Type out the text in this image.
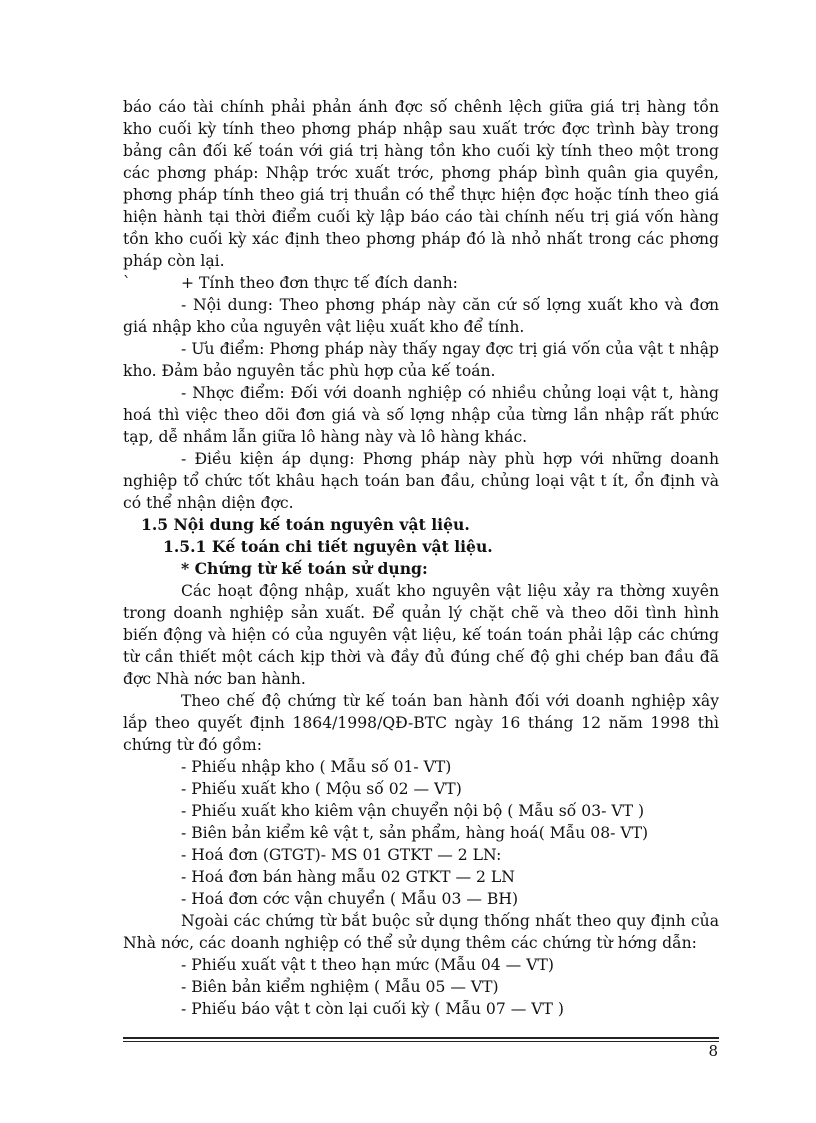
báo cáo tài chính phải phản ánh đợc số chênh lệch giữa giá trị hàng tồn kho cuối kỳ tính theo phơng pháp nhập sau xuất trớc đợc trình bày trong bảng cân đối kế toán với giá trị hàng tồn kho cuối kỳ tính theo một trong các phơng pháp: Nhập trớc xuất trớc, phơng pháp bình quân gia quyền, phơng pháp tính theo giá trị thuần có thể thực hiện đợc hoặc tính theo giá hiện hành tại thời điểm cuối kỳ lập báo cáo tài chính nếu trị giá vốn hàng tồn kho cuối kỳ xác định theo phơng pháp đó là nhỏ nhất trong các phơng pháp còn lại.

`	+ Tính theo đơn thực tế đích danh:

- Nội dung: Theo phơng pháp này căn cứ số lợng xuất kho và đơn giá nhập kho của nguyên vật liệu xuất kho để tính.

- Ưu điểm: Phơng pháp này thấy ngay đợc trị giá vốn của vật t nhập kho. Đảm bảo nguyên tắc phù hợp của kế toán.

- Nhợc điểm: Đối với doanh nghiệp có nhiều chủng loại vật t, hàng hoá thì việc theo dõi đơn giá và số lợng nhập của từng lần nhập rất phức tạp, dễ nhầm lẫn giữa lô hàng này và lô hàng khác.

- Điều kiện áp dụng: Phơng pháp này phù hợp với những doanh nghiệp tổ chức tốt khâu hạch toán ban đầu, chủng loại vật t ít, ổn định và có thể nhận diện đợc.

1.5 Nội dung kế toán nguyên vật liệu.

1.5.1 Kế toán chi tiết nguyên vật liệu.

* Chứng từ kế toán sử dụng:

Các hoạt động nhập, xuất kho nguyên vật liệu xảy ra thờng xuyên trong doanh nghiệp sản xuất. Để quản lý chặt chẽ và theo dõi tình hình biến động và hiện có của nguyên vật liệu, kế toán toán phải lập các chứng từ cần thiết một cách kịp thời và đầy đủ đúng chế độ ghi chép ban đầu đã đợc Nhà nớc ban hành.

Theo chế độ chứng từ kế toán ban hành đối với doanh nghiệp xây lắp theo quyết định 1864/1998/QĐ-BTC ngày 16 tháng 12 năm 1998 thì chứng từ đó gồm:

- Phiếu nhập kho ( Mẫu số 01- VT)

- Phiếu xuất kho ( Mộu số 02 — VT)

- Phiếu xuất kho kiêm vận chuyển nội bộ ( Mẫu số 03- VT )

- Biên bản kiểm kê vật t, sản phẩm, hàng hoá( Mẫu 08- VT)

- Hoá đơn (GTGT)- MS 01 GTKT — 2 LN:

- Hoá đơn bán hàng mẫu 02 GTKT — 2 LN

- Hoá đơn cớc vận chuyển ( Mẫu 03 — BH)

Ngoài các chứng từ bắt buộc sử dụng thống nhất theo quy định của Nhà nớc, các doanh nghiệp có thể sử dụng thêm các chứng từ hớng dẫn:

- Phiếu xuất vật t theo hạn mức (Mẫu 04 — VT)

- Biên bản kiểm nghiệm ( Mẫu 05 — VT)

- Phiếu báo vật t còn lại cuối kỳ ( Mẫu 07 — VT )

8
